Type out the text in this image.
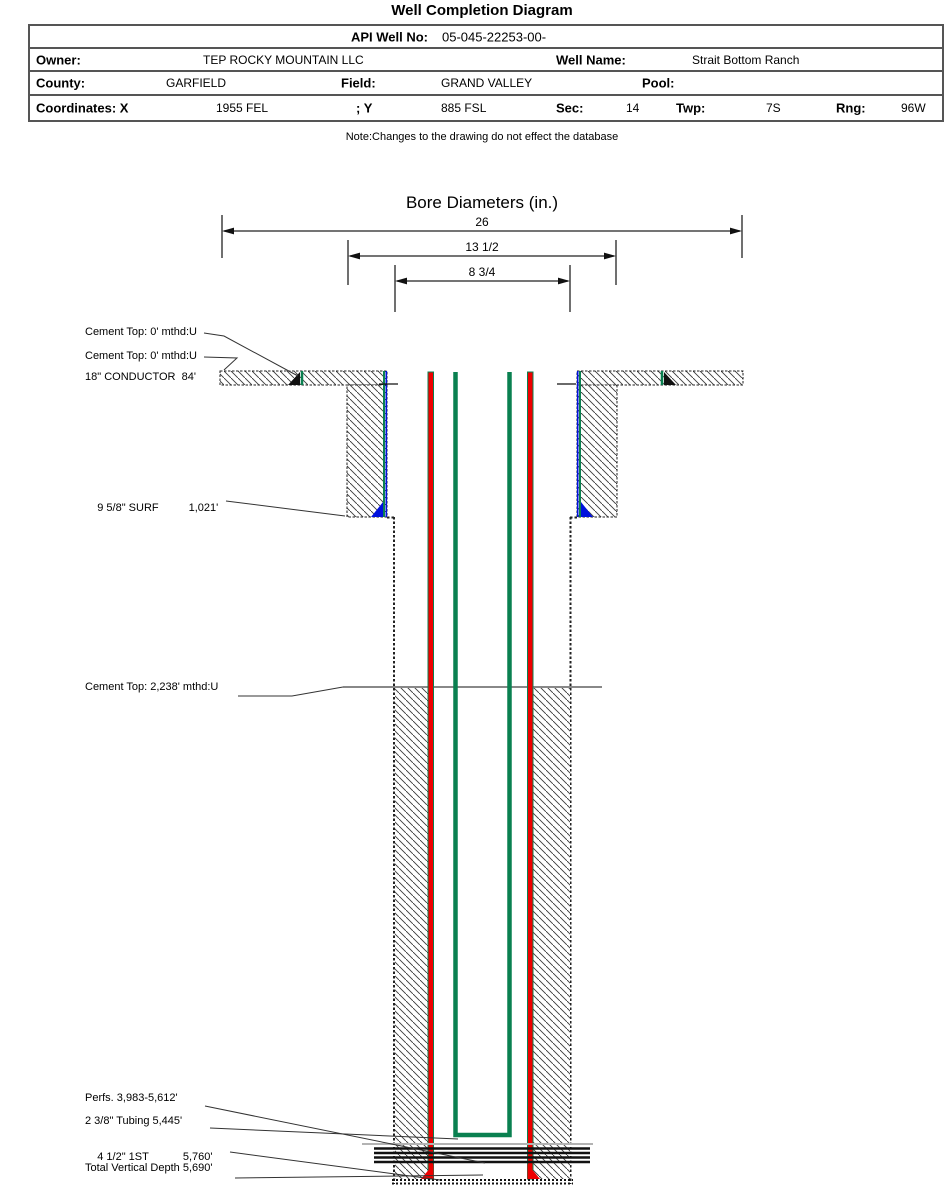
Well Completion Diagram
API Well No: 05-045-22253-00-
Owner:	TEP ROCKY MOUNTAIN LLC	Well Name:	Strait Bottom Ranch
County:	GARFIELD	Field:	GRAND VALLEY	Pool:
Coordinates: X	1955 FEL	; Y	885 FSL	Sec:	14	Twp:	7S	Rng:	96W
Note:Changes to the drawing do not effect the database
Bore Diameters (in.)
26
13 1/2
8 3/4
Cement Top: 0' mthd:U
Cement Top: 0' mthd:U
18" CONDUCTOR  84'

9 5/8" SURF	1,021'

Cement Top: 2,238' mthd:U
Perfs. 3,983-5,612'
2 3/8" Tubing 5,445'

4 1/2" 1ST	5,760'

Total Vertical Depth 5,690'
